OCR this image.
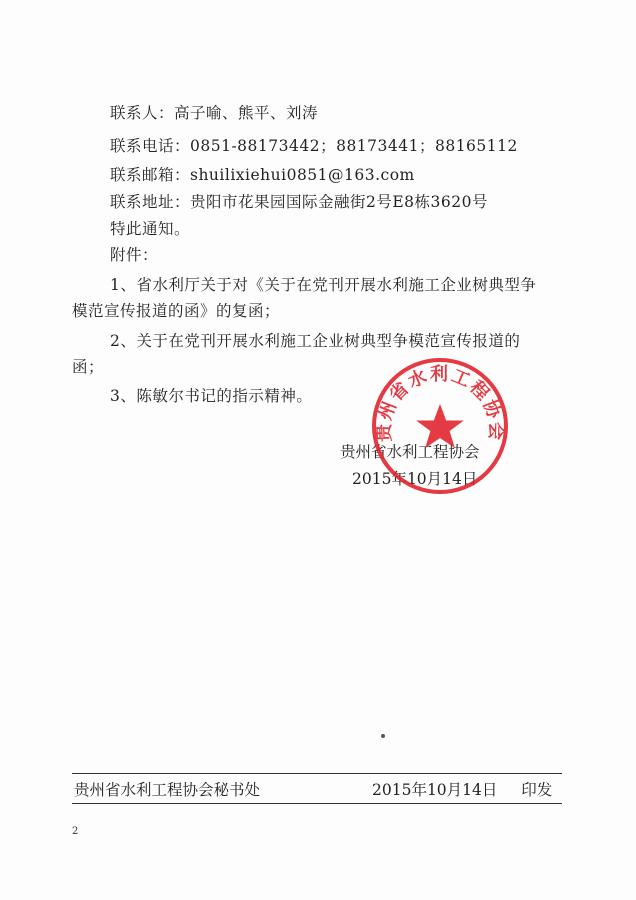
联系人：高子喻、熊平、刘涛
联系电话：0851-88173442；88173441；88165112
联系邮箱：shuilixiehui0851@163.com
联系地址：贵阳市花果园国际金融街2号E8栋3620号
特此通知。
附件：
1、省水利厅关于对《关于在党刊开展水利施工企业树典型争
模范宣传报道的函》的复函；
2、关于在党刊开展水利施工企业树典型争模范宣传报道的
函；
3、陈敏尔书记的指示精神。
贵州省水利工程协会
2015年10月14日
贵州省水利工程协会
贵州省水利工程协会秘书处	2015年10月14日 印发
2
